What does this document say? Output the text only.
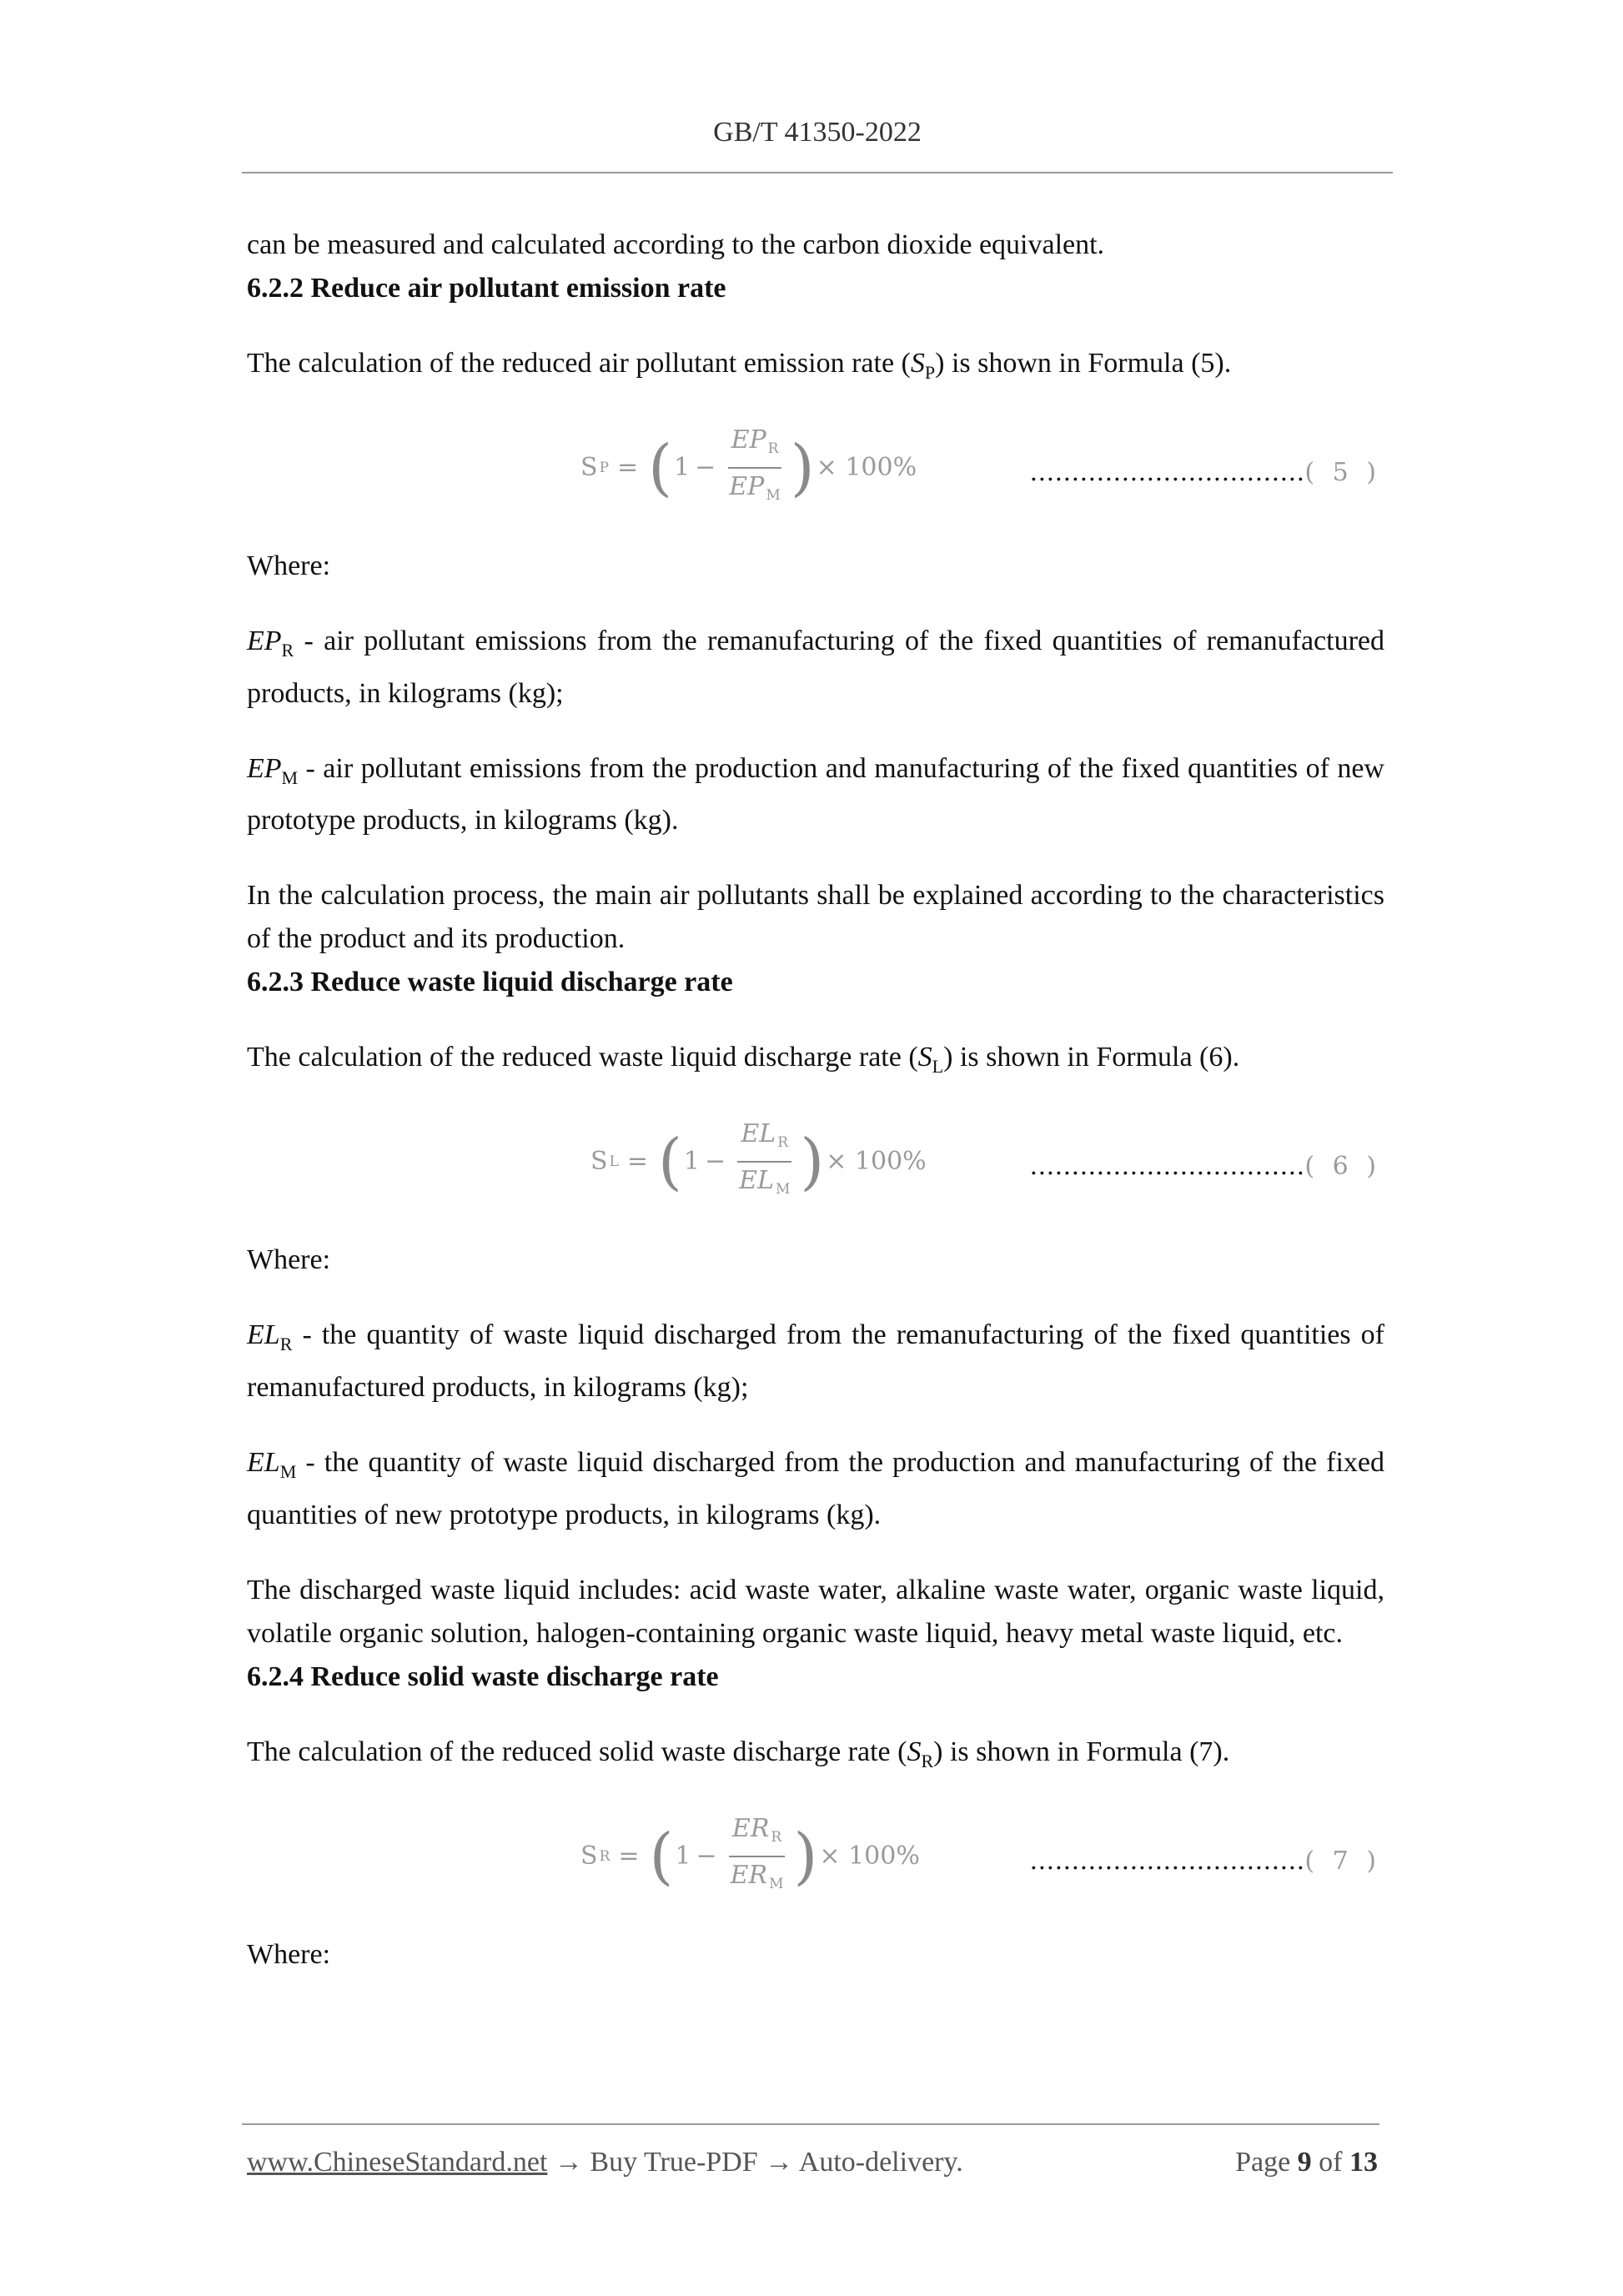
GB/T 41350-2022

can be measured and calculated according to the carbon dioxide equivalent.

6.2.2 Reduce air pollutant emission rate

The calculation of the reduced air pollutant emission rate $(S_P)$ is shown in Formula (5).

S P = ( $1 - \frac{EP _R}{EP _M}$ ) × 100%	……………………………( 5 )

Where:

$EP_R$ - air pollutant emissions from the remanufacturing of the fixed quantities of remanufactured products, in kilograms (kg);

$EP_M$ - air pollutant emissions from the production and manufacturing of the fixed quantities of new prototype products, in kilograms (kg).

In the calculation process, the main air pollutants shall be explained according to the characteristics of the product and its production.

6.2.3 Reduce waste liquid discharge rate

The calculation of the reduced waste liquid discharge rate $(S_L)$ is shown in Formula (6).

S L = ( $1 - \frac{EL _R}{EL _M}$ ) × 100%	……………………………( 6 )

Where:

$EL_R$ - the quantity of waste liquid discharged from the remanufacturing of the fixed quantities of remanufactured products, in kilograms (kg);

$EL_M$ - the quantity of waste liquid discharged from the production and manufacturing of the fixed quantities of new prototype products, in kilograms (kg).

The discharged waste liquid includes: acid waste water, alkaline waste water, organic waste liquid, volatile organic solution, halogen-containing organic waste liquid, heavy metal waste liquid, etc.

6.2.4 Reduce solid waste discharge rate

The calculation of the reduced solid waste discharge rate $(S_R)$ is shown in Formula (7).

S R = ( $1 - \frac{ER _R}{ER _M}$ ) × 100%	……………………………( 7 )

Where:

www.ChineseStandard.net → Buy True-PDF → Auto-delivery.	Page 9 of 13
